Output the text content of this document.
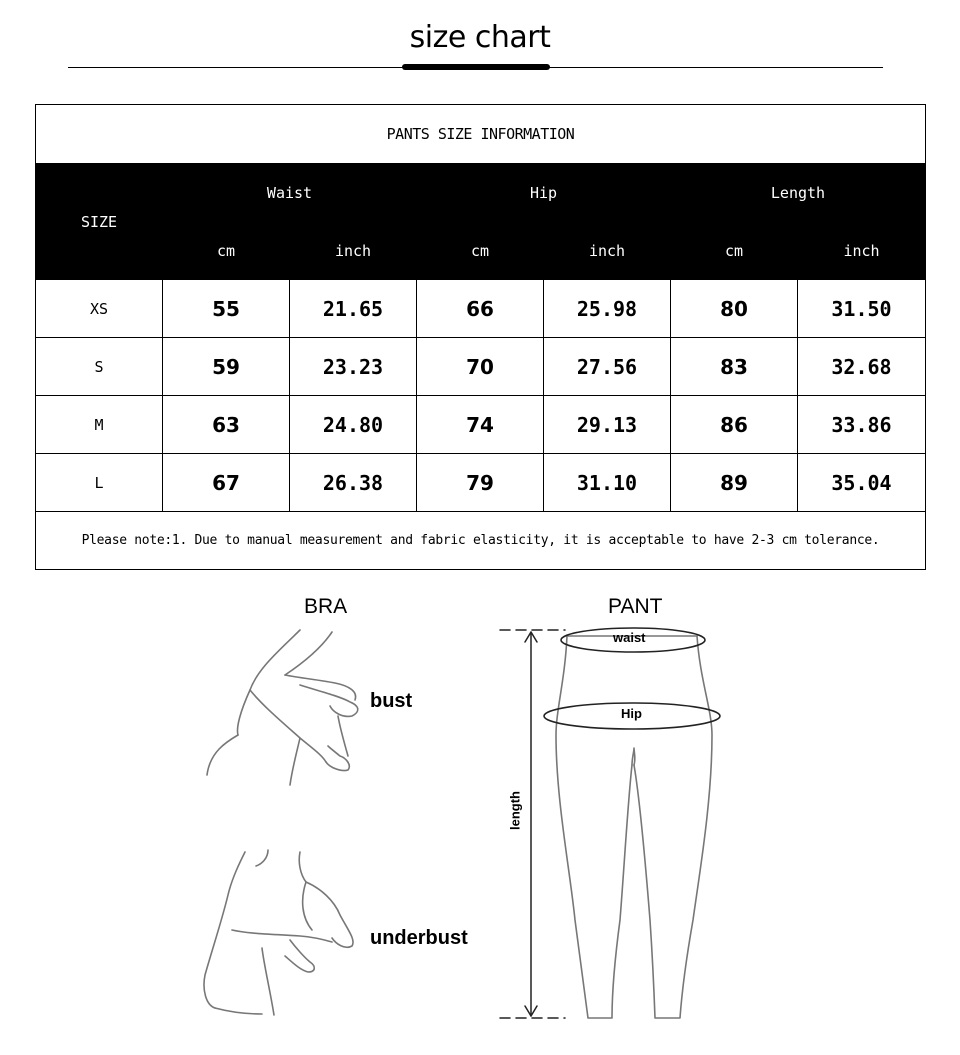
size chart
PANTS SIZE INFORMATION						
SIZE	Waist		Hip		Length	
	cm	inch	cm	inch	cm	inch
XS	55	21.65	66	25.98	80	31.50
S	59	23.23	70	27.56	83	32.68
M	63	24.80	74	29.13	86	33.86
L	67	26.38	79	31.10	89	35.04
Please note:1. Due to manual measurement and fabric elasticity, it is acceptable to have 2-3 cm tolerance.						
BRA	PANT
bust
underbust
waist
Hip
length
